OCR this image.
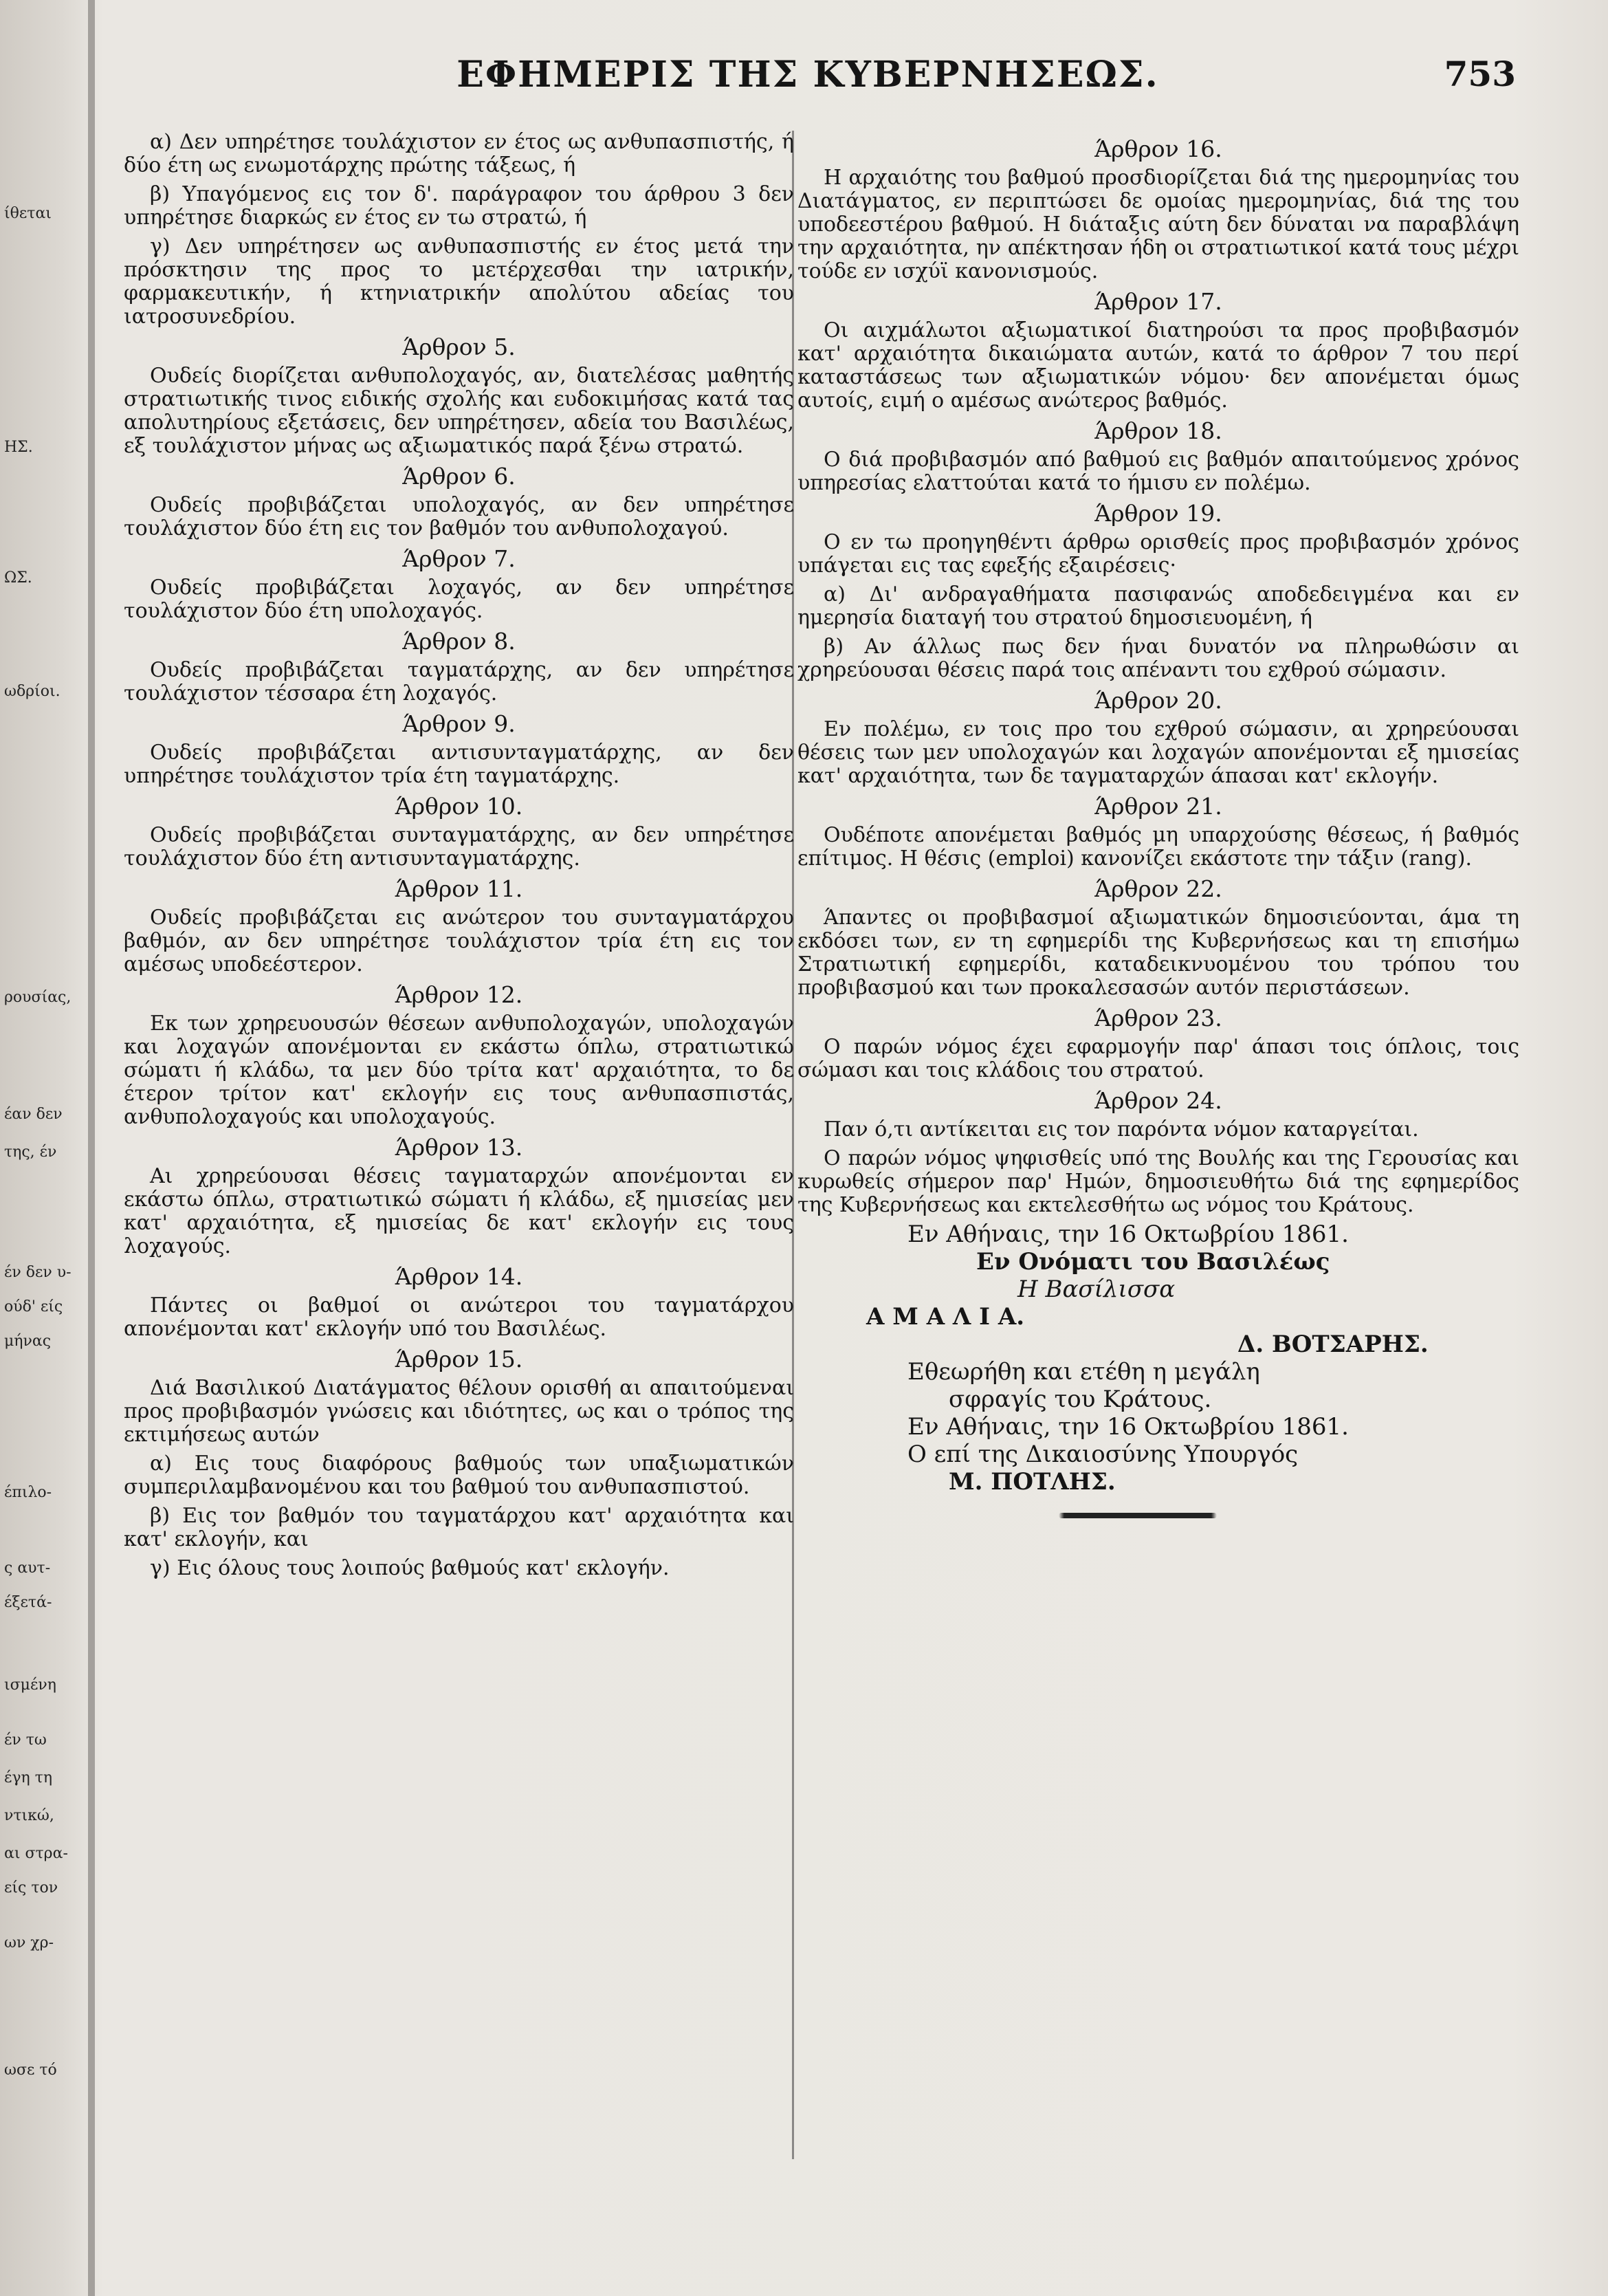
ίθεται
ΗΣ.
ΩΣ.
ωδρίοι.
ρουσίας,
έαν δεν
της, έν
έν δεν υ-
ούδ' είς
μήνας
έπιλο-
ς αυτ-
έξετά-
ισμένη
έν τω
έγη τη
ντικώ,
αι στρα-
είς τον
ων χρ-
ωσε τό
ΕΦΗΜΕΡΙΣ ΤΗΣ ΚΥΒΕΡΝΗΣΕΩΣ.	753
α) Δεν υπηρέτησε τουλάχιστον εν έτος ως ανθυπασπιστής, ή δύο έτη ως ενωμοτάρχης πρώτης τάξεως, ή
β) Υπαγόμενος εις τον δ'. παράγραφον του άρθρου 3 δεν υπηρέτησε διαρκώς εν έτος εν τω στρατώ, ή
γ) Δεν υπηρέτησεν ως ανθυπασπιστής εν έτος μετά την πρόσκτησιν της προς το μετέρχεσθαι την ιατρικήν, φαρμακευτικήν, ή κτηνιατρικήν απολύτου αδείας του ιατροσυνεδρίου.
Άρθρον 5.
Ουδείς διορίζεται ανθυπολοχαγός, αν, διατελέσας μαθητής στρατιωτικής τινος ειδικής σχολής και ευδοκιμήσας κατά τας απολυτηρίους εξετάσεις, δεν υπηρέτησεν, αδεία του Βασιλέως, εξ τουλάχιστον μήνας ως αξιωματικός παρά ξένω στρατώ.
Άρθρον 6.
Ουδείς προβιβάζεται υπολοχαγός, αν δεν υπηρέτησε τουλάχιστον δύο έτη εις τον βαθμόν του ανθυπολοχαγού.
Άρθρον 7.
Ουδείς προβιβάζεται λοχαγός, αν δεν υπηρέτησε τουλάχιστον δύο έτη υπολοχαγός.
Άρθρον 8.
Ουδείς προβιβάζεται ταγματάρχης, αν δεν υπηρέτησε τουλάχιστον τέσσαρα έτη λοχαγός.
Άρθρον 9.
Ουδείς προβιβάζεται αντισυνταγματάρχης, αν δεν υπηρέτησε τουλάχιστον τρία έτη ταγματάρχης.
Άρθρον 10.
Ουδείς προβιβάζεται συνταγματάρχης, αν δεν υπηρέτησε τουλάχιστον δύο έτη αντισυνταγματάρχης.
Άρθρον 11.
Ουδείς προβιβάζεται εις ανώτερον του συνταγματάρχου βαθμόν, αν δεν υπηρέτησε τουλάχιστον τρία έτη εις τον αμέσως υποδεέστερον.
Άρθρον 12.
Εκ των χρηρευουσών θέσεων ανθυπολοχαγών, υπολοχαγών και λοχαγών απονέμονται εν εκάστω όπλω, στρατιωτικώ σώματι ή κλάδω, τα μεν δύο τρίτα κατ' αρχαιότητα, το δε έτερον τρίτον κατ' εκλογήν εις τους ανθυπασπιστάς, ανθυπολοχαγούς και υπολοχαγούς.
Άρθρον 13.
Αι χρηρεύουσαι θέσεις ταγματαρχών απονέμονται εν εκάστω όπλω, στρατιωτικώ σώματι ή κλάδω, εξ ημισείας μεν κατ' αρχαιότητα, εξ ημισείας δε κατ' εκλογήν εις τους λοχαγούς.
Άρθρον 14.
Πάντες οι βαθμοί οι ανώτεροι του ταγματάρχου απονέμονται κατ' εκλογήν υπό του Βασιλέως.
Άρθρον 15.
Διά Βασιλικού Διατάγματος θέλουν ορισθή αι απαιτούμεναι προς προβιβασμόν γνώσεις και ιδιότητες, ως και ο τρόπος της εκτιμήσεως αυτών
α) Εις τους διαφόρους βαθμούς των υπαξιωματικών συμπεριλαμβανομένου και του βαθμού του ανθυπασπιστού.
β) Εις τον βαθμόν του ταγματάρχου κατ' αρχαιότητα και κατ' εκλογήν, και
γ) Εις όλους τους λοιπούς βαθμούς κατ' εκλογήν.
Άρθρον 16.
Η αρχαιότης του βαθμού προσδιορίζεται διά της ημερομηνίας του Διατάγματος, εν περιπτώσει δε ομοίας ημερομηνίας, διά της του υποδεεστέρου βαθμού. Η διάταξις αύτη δεν δύναται να παραβλάψη την αρχαιότητα, ην απέκτησαν ήδη οι στρατιωτικοί κατά τους μέχρι τούδε εν ισχύϊ κανονισμούς.
Άρθρον 17.
Οι αιχμάλωτοι αξιωματικοί διατηρούσι τα προς προβιβασμόν κατ' αρχαιότητα δικαιώματα αυτών, κατά το άρθρον 7 του περί καταστάσεως των αξιωματικών νόμου· δεν απονέμεται όμως αυτοίς, ειμή ο αμέσως ανώτερος βαθμός.
Άρθρον 18.
Ο διά προβιβασμόν από βαθμού εις βαθμόν απαιτούμενος χρόνος υπηρεσίας ελαττούται κατά το ήμισυ εν πολέμω.
Άρθρον 19.
Ο εν τω προηγηθέντι άρθρω ορισθείς προς προβιβασμόν χρόνος υπάγεται εις τας εφεξής εξαιρέσεις·
α) Δι' ανδραγαθήματα πασιφανώς αποδεδειγμένα και εν ημερησία διαταγή του στρατού δημοσιευομένη, ή
β) Αν άλλως πως δεν ήναι δυνατόν να πληρωθώσιν αι χρηρεύουσαι θέσεις παρά τοις απέναντι του εχθρού σώμασιν.
Άρθρον 20.
Εν πολέμω, εν τοις προ του εχθρού σώμασιν, αι χρηρεύουσαι θέσεις των μεν υπολοχαγών και λοχαγών απονέμονται εξ ημισείας κατ' αρχαιότητα, των δε ταγματαρχών άπασαι κατ' εκλογήν.
Άρθρον 21.
Ουδέποτε απονέμεται βαθμός μη υπαρχούσης θέσεως, ή βαθμός επίτιμος. Η θέσις (emploi) κανονίζει εκάστοτε την τάξιν (rang).
Άρθρον 22.
Άπαντες οι προβιβασμοί αξιωματικών δημοσιεύονται, άμα τη εκδόσει των, εν τη εφημερίδι της Κυβερνήσεως και τη επισήμω Στρατιωτική εφημερίδι, καταδεικνυομένου του τρόπου του προβιβασμού και των προκαλεσασών αυτόν περιστάσεων.
Άρθρον 23.
Ο παρών νόμος έχει εφαρμογήν παρ' άπασι τοις όπλοις, τοις σώμασι και τοις κλάδοις του στρατού.
Άρθρον 24.
Παν ό,τι αντίκειται εις τον παρόντα νόμον καταργείται.
Ο παρών νόμος ψηφισθείς υπό της Βουλής και της Γερουσίας και κυρωθείς σήμερον παρ' Ημών, δημοσιευθήτω διά της εφημερίδος της Κυβερνήσεως και εκτελεσθήτω ως νόμος του Κράτους.
Εν Αθήναις, την 16 Οκτωβρίου 1861.
Εν Ονόματι του Βασιλέως
Η Βασίλισσα
Α Μ Α Λ Ι Α.
Δ. ΒΟΤΣΑΡΗΣ.
Εθεωρήθη και ετέθη η μεγάλη
σφραγίς του Κράτους.
Εν Αθήναις, την 16 Οκτωβρίου 1861.
Ο επί της Δικαιοσύνης Υπουργός
Μ. ΠΟΤΛΗΣ.
